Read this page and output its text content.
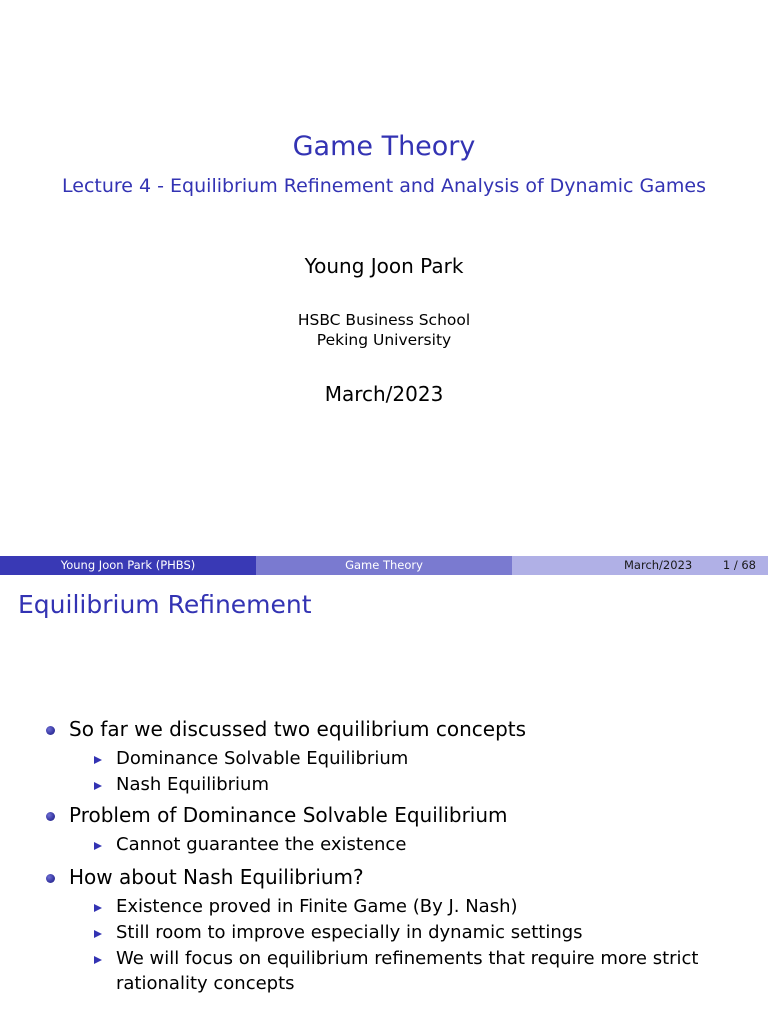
Game Theory
Lecture 4 - Equilibrium Refinement and Analysis of Dynamic Games
Young Joon Park
HSBC Business School
Peking University
March/2023
Young Joon Park (PHBS)	Game Theory	March/2023	1 / 68
Equilibrium Refinement
So far we discussed two equilibrium concepts
Dominance Solvable Equilibrium
Nash Equilibrium
Problem of Dominance Solvable Equilibrium
Cannot guarantee the existence
How about Nash Equilibrium?
Existence proved in Finite Game (By J. Nash)
Still room to improve especially in dynamic settings
We will focus on equilibrium refinements that require more strict
rationality concepts
